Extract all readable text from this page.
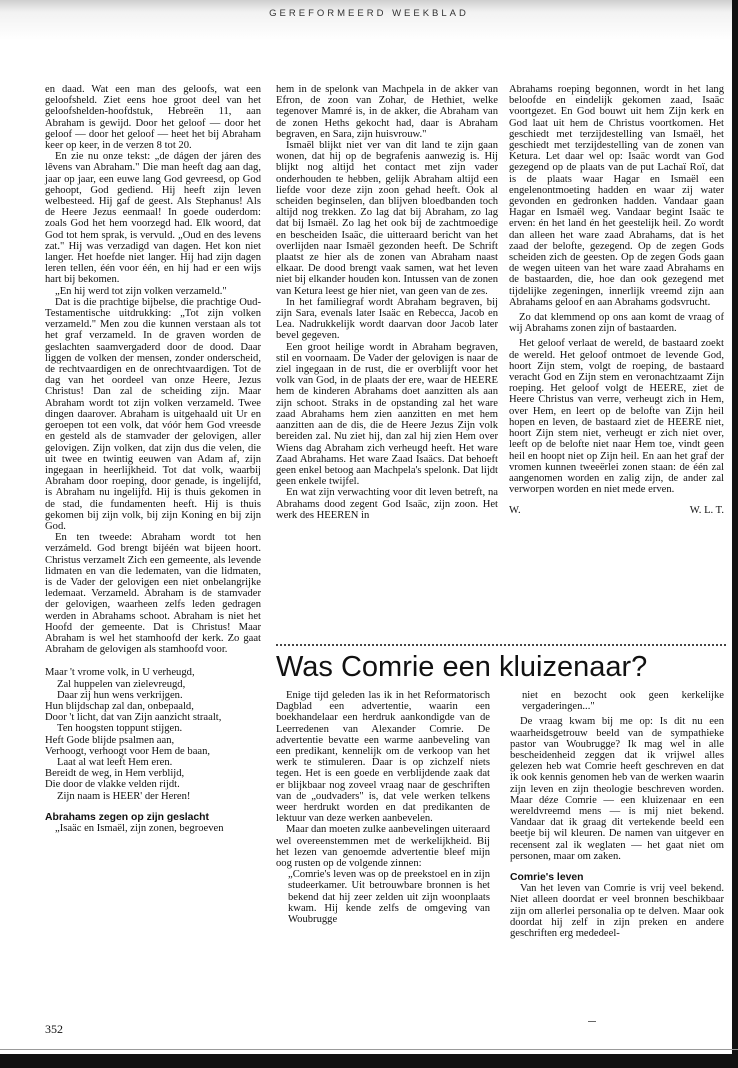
GEREFORMEERD WEEKBLAD

en daad. Wat een man des geloofs, wat een geloofsheld. Ziet eens hoe groot deel van het geloofshelden-hoofdstuk, Hebreën 11, aan Abraham is gewijd. Door het geloof — door het geloof — door het geloof — heet het bij Abraham keer op keer, in de verzen 8 tot 20.

En zie nu onze tekst: „de dágen der járen des lêvens van Abraham." Die man heeft dag aan dag, jaar op jaar, een euwe lang God gevreesd, op God gehoopt, God gediend. Hij heeft zijn leven welbesteed. Hij gaf de geest. Als Stephanus! Als de Heere Jezus eenmaal! In goede ouderdom: zoals God het hem voorzegd had. Elk woord, dat God tot hem sprak, is vervuld. „Oud en des levens zat." Hij was verzadigd van dagen. Het kon niet langer. Het hoefde niet langer. Hij had zijn dagen leren tellen, één voor één, en hij had er een wijs hart bij bekomen.

„En hij werd tot zijn volken verzameld."

Dat is die prachtige bijbelse, die prachtige Oud-Testamentische uitdrukking: „Tot zijn volken verzameld." Men zou die kunnen verstaan als tot het graf verzameld. In de graven worden de geslachten saamvergaderd door de dood. Daar liggen de volken der mensen, zonder onderscheid, de rechtvaardigen en de onrechtvaardigen. Tot de dag van het oordeel van onze Heere, Jezus Christus! Dan zal de scheiding zijn. Maar Abraham wordt tot zijn volken verzameld. Twee dingen daarover. Abraham is uitgehaald uit Ur en geroepen tot een volk, dat vóór hem God vreesde en gesteld als de stamvader der gelovigen, aller gelovigen. Zijn volken, dat zijn dus die velen, die uit twee en twintig eeuwen van Adam af, zijn ingegaan in heerlijkheid. Tot dat volk, waarbij Abraham door roeping, door genade, is ingelijfd, is Abraham nu ingelijfd. Hij is thuis gekomen in de stad, die fundamenten heeft. Hij is thuis gekomen bij zijn volk, bij zijn Koning en bij zijn God.

En ten tweede: Abraham wordt tot hen verzámeld. God brengt bijéén wat bijeen hoort. Christus verzamelt Zich een gemeente, als levende lidmaten en van die ledematen, van die lidmaten, is de Vader der gelovigen een niet onbelangrijke ledemaat. Verzameld. Abraham is de stamvader der gelovigen, waarheen zelfs leden gedragen werden in Abrahams schoot. Abraham is niet het Hoofd der gemeente. Dat is Christus! Maar Abraham is wel het stamhoofd der kerk. Zo gaat Abraham de gelovigen als stamhoofd voor.

Maar 't vrome volk, in U verheugd,
Zal huppelen van zielevreugd,
Daar zij hun wens verkrijgen.
Hun blijdschap zal dan, onbepaald,
Door 't licht, dat van Zijn aanzicht straalt,
Ten hoogsten toppunt stijgen.
Heft Gode blijde psalmen aan,
Verhoogt, verhoogt voor Hem de baan,
Laat al wat leeft Hem eren.
Bereidt de weg, in Hem verblijd,
Die door de vlakke velden rijdt.
Zijn naam is HEER' der Heren!
Abrahams zegen op zijn geslacht

„Isaäc en Ismaël, zijn zonen, begroeven

hem in de spelonk van Machpela in de akker van Efron, de zoon van Zohar, de Hethiet, welke tegenover Mamré is, in de akker, die Abraham van de zonen Heths gekocht had, daar is Abraham begraven, en Sara, zijn huisvrouw."

Ismaël blijkt niet ver van dit land te zijn gaan wonen, dat hij op de begrafenis aanwezig is. Hij blijkt nog altijd het contact met zijn vader onderhouden te hebben, gelijk Abraham altijd een liefde voor deze zijn zoon gehad heeft. Ook al scheiden beginselen, dan blijven bloedbanden toch altijd nog trekken. Zo lag dat bij Abraham, zo lag dat bij Ismaël. Zo lag het ook bij de zachtmoedige en bescheiden Isaäc, die uitteraard bericht van het overlijden naar Ismaël gezonden heeft. De Schrift plaatst ze hier als de zonen van Abraham naast elkaar. De dood brengt vaak samen, wat het leven niet bij elkander houden kon. Intussen van de zonen van Ketura leest ge hier niet, van geen van de zes.

In het familiegraf wordt Abraham begraven, bij zijn Sara, evenals later Isaäc en Rebecca, Jacob en Lea. Nadrukkelijk wordt daarvan door Jacob later bevel gegeven.

Een groot heilige wordt in Abraham begraven, stil en voornaam. De Vader der gelovigen is naar de ziel ingegaan in de rust, die er overblijft voor het volk van God, in de plaats der ere, waar de HEERE hem de kinderen Abrahams doet aanzitten als aan zijn schoot. Straks in de opstanding zal het ware zaad Abrahams hem zien aanzitten en met hem aanzitten aan de dis, die de Heere Jezus Zijn volk bereiden zal. Nu ziet hij, dan zal hij zien Hem over Wiens dag Abraham zich verheugd heeft. Het ware Zaad Abrahams. Het ware Zaad Isaäcs. Dat behoeft geen enkel betoog aan Machpela's spelonk. Dat lijdt geen enkele twijfel.

En wat zijn verwachting voor dit leven betreft, na Abrahams dood zegent God Isaäc, zijn zoon. Het werk des HEEREN in

Abrahams roeping begonnen, wordt in het lang beloofde en eindelijk gekomen zaad, Isaäc voortgezet. En God bouwt uit hem Zijn kerk en God laat uit hem de Christus voortkomen. Het geschiedt met terzijdestelling van Ismaël, het geschiedt met terzijdestelling van de zonen van Ketura. Let daar wel op: Isaäc wordt van God gezegend op de plaats van de put Lachaï Roï, dat is de plaats waar Hagar en Ismaël een engelenontmoeting hadden en waar zij water gevonden en gedronken hadden. Vandaar gaan Hagar en Ismaël weg. Vandaar begint Isaäc te erven: én het land én het geestelijk heil. Zo wordt dan alleen het ware zaad Abrahams, dat is het zaad der belofte, gezegend. Op de zegen Gods scheiden zich de geesten. Op de zegen Gods gaan de wegen uiteen van het ware zaad Abrahams en de bastaarden, die, hoe dan ook gezegend met tijdelijke zegeningen, innerlijk vreemd zijn aan Abrahams geloof en aan Abrahams godsvrucht.

Zo dat klemmend op ons aan komt de vraag of wij Abrahams zonen zijn of bastaarden.

Het geloof verlaat de wereld, de bastaard zoekt de wereld. Het geloof ontmoet de levende God, hoort Zijn stem, volgt de roeping, de bastaard veracht God en Zijn stem en veronachtzaamt Zijn roeping. Het geloof volgt de HEERE, ziet de Heere Christus van verre, verheugt zich in Hem, over Hem, en leert op de belofte van Zijn heil hopen en leven, de bastaard ziet de HEERE niet, hoort Zijn stem niet, verheugt er zich niet over, leeft op de belofte niet naar Hem toe, vindt geen heil en hoopt niet op Zijn heil. En aan het graf der vromen kunnen tweeërlei zonen staan: de één zal aangenomen worden en zalig zijn, de ander zal verworpen worden en niet mede erven.

W.	W. L. T.
Was Comrie een kluizenaar?

Enige tijd geleden las ik in het Reformatorisch Dagblad een advertentie, waarin een boekhandelaar een herdruk aankondigde van de Leerredenen van Alexander Comrie. De advertentie bevatte een warme aanbeveling van een predikant, kennelijk om de verkoop van het werk te stimuleren. Daar is op zichzelf niets tegen. Het is een goede en verblijdende zaak dat er blijkbaar nog zoveel vraag naar de geschriften van de „oudvaders" is, dat vele werken telkens weer herdrukt worden en dat predikanten de lektuur van deze werken aanbevelen.

Maar dan moeten zulke aanbevelingen uiteraard wel overeenstemmen met de werkelijkheid. Bij het lezen van genoemde advertentie bleef mijn oog rusten op de volgende zinnen:

„Comrie's leven was op de preekstoel en in zijn studeerkamer. Uit betrouwbare bronnen is het bekend dat hij zeer zelden uit zijn woonplaats kwam. Hij kende zelfs de omgeving van Woubrugge

niet en bezocht ook geen kerkelijke vergaderingen..."

De vraag kwam bij me op: Is dit nu een waarheidsgetrouw beeld van de sympathieke pastor van Woubrugge? Ik mag wel in alle bescheidenheid zeggen dat ik vrijwel alles gelezen heb wat Comrie heeft geschreven en dat ik ook kennis genomen heb van de werken waarin zijn leven en zijn theologie beschreven worden. Maar déze Comrie — een kluizenaar en een wereldvreemd mens — is mij niet bekend. Vandaar dat ik graag dit vertekende beeld een beetje bij wil kleuren. De namen van uitgever en recensent zal ik weglaten — het gaat niet om personen, maar om zaken.

Comrie's leven

Van het leven van Comrie is vrij veel bekend. Niet alleen doordat er veel bronnen beschikbaar zijn om allerlei personalia op te delven. Maar ook doordat hij zelf in zijn preken en andere geschriften erg mededeel-

352
